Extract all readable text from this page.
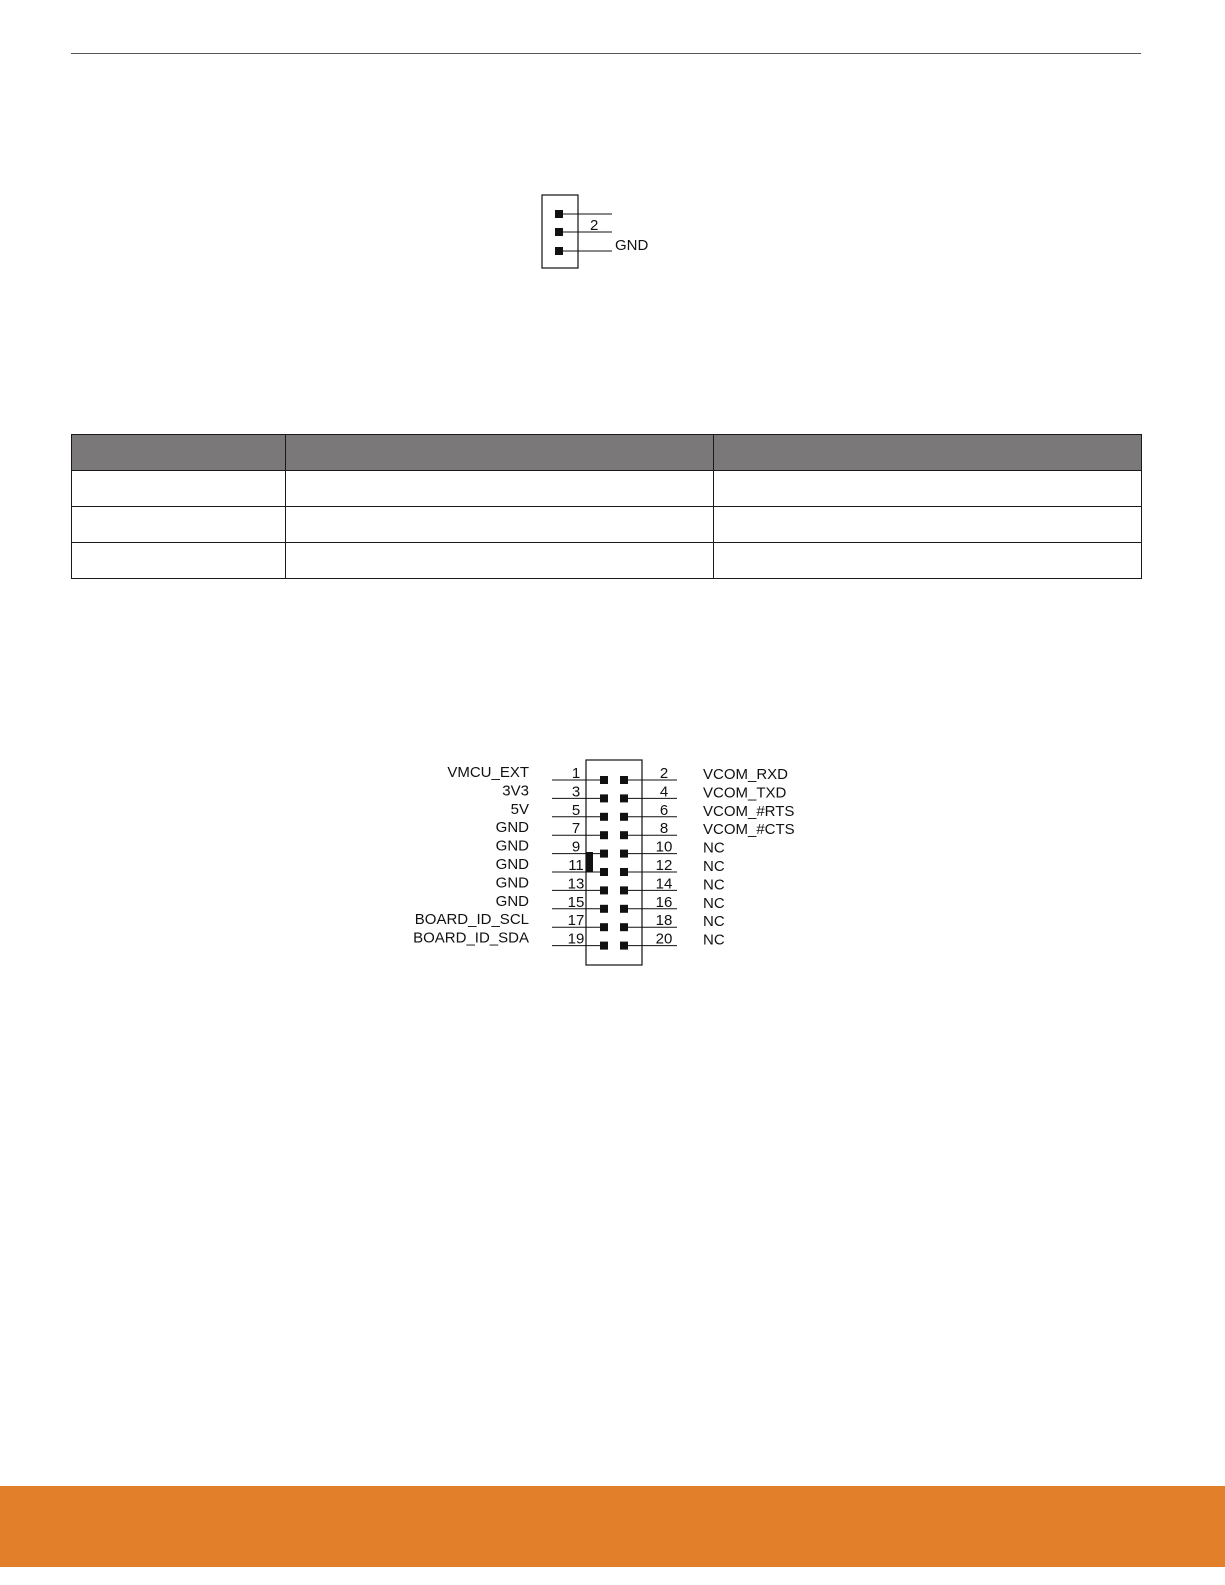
2
GND

1	2
VMCU_EXT	VCOM_RXD
3	4
3V3	VCOM_TXD
5	6
5V	VCOM_#RTS
7	8
GND	VCOM_#CTS
9	10
GND	NC
11	12
GND	NC
13	14
GND	NC
15	16
GND	NC
17	18
BOARD_ID_SCL	NC
19	20
BOARD_ID_SDA	NC
